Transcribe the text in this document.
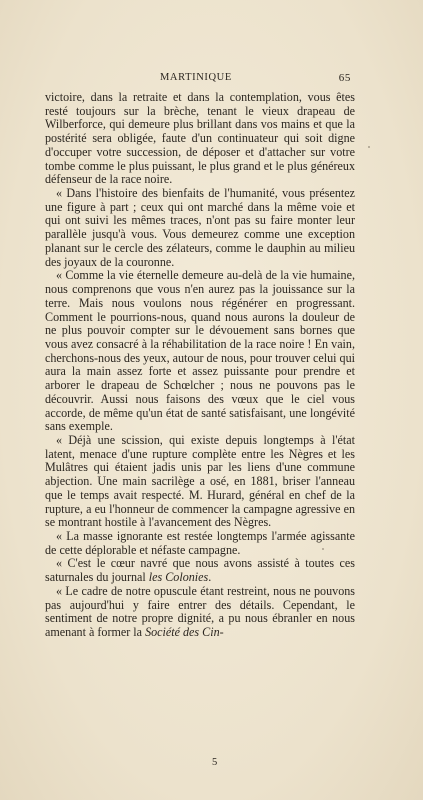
MARTINIQUE	65

victoire, dans la retraite et dans la contemplation, vous êtes resté toujours sur la brèche, tenant le vieux drapeau de Wilberforce, qui demeure plus brillant dans vos mains et que la postérité sera obligée, faute d'un continuateur qui soit digne d'occuper votre succession, de déposer et d'attacher sur votre tombe comme le plus puissant, le plus grand et le plus généreux défenseur de la race noire.

« Dans l'histoire des bienfaits de l'humanité, vous présentez une figure à part ; ceux qui ont marché dans la même voie et qui ont suivi les mêmes traces, n'ont pas su faire monter leur parallèle jusqu'à vous. Vous demeurez comme une exception planant sur le cercle des zélateurs, comme le dauphin au milieu des joyaux de la couronne.

« Comme la vie éternelle demeure au-delà de la vie humaine, nous comprenons que vous n'en aurez pas la jouissance sur la terre. Mais nous voulons nous régénérer en progressant. Comment le pourrions-nous, quand nous aurons la douleur de ne plus pouvoir compter sur le dévouement sans bornes que vous avez consacré à la réhabilitation de la race noire ! En vain, cherchons-nous des yeux, autour de nous, pour trouver celui qui aura la main assez forte et assez puissante pour prendre et arborer le drapeau de Schœlcher ; nous ne pouvons pas le découvrir. Aussi nous faisons des vœux que le ciel vous accorde, de même qu'un état de santé satisfaisant, une longévité sans exemple.

« Déjà une scission, qui existe depuis longtemps à l'état latent, menace d'une rupture complète entre les Nègres et les Mulâtres qui étaient jadis unis par les liens d'une commune abjection. Une main sacrilège a osé, en 1881, briser l'anneau que le temps avait respecté. M. Hurard, général en chef de la rupture, a eu l'honneur de commencer la campagne agressive en se montrant hostile à l'avancement des Nègres.

« La masse ignorante est restée longtemps l'armée agissante de cette déplorable et néfaste campagne.

« C'est le cœur navré que nous avons assisté à toutes ces saturnales du journal les Colonies.

« Le cadre de notre opuscule étant restreint, nous ne pouvons pas aujourd'hui y faire entrer des détails. Cependant, le sentiment de notre propre dignité, a pu nous ébranler en nous amenant à former la Société des Cin-

5
